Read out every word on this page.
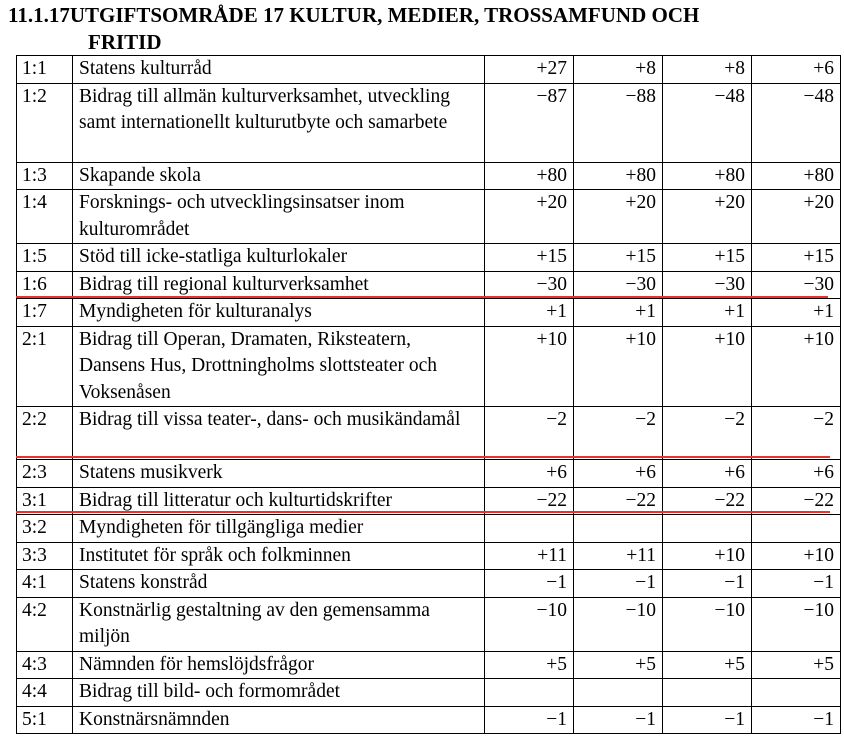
11.1.17UTGIFTSOMRÅDE 17 KULTUR, MEDIER, TROSSAMFUND OCH
FRITID
1:1	Statens kulturråd	+27	+8	+8	+6
1:2	Bidrag till allmän kulturverksamhet, utveckling samt internationellt kulturutbyte och samarbete	−87	−88	−48	−48
1:3	Skapande skola	+80	+80	+80	+80
1:4	Forsknings- och utvecklingsinsatser inom kulturområdet	+20	+20	+20	+20
1:5	Stöd till icke-statliga kulturlokaler	+15	+15	+15	+15
1:6	Bidrag till regional kulturverksamhet	−30	−30	−30	−30
1:7	Myndigheten för kulturanalys	+1	+1	+1	+1
2:1	Bidrag till Operan, Dramaten, Riksteatern, Dansens Hus, Drottningholms slottsteater och Voksenåsen	+10	+10	+10	+10
2:2	Bidrag till vissa teater-, dans- och musikändamål	−2	−2	−2	−2
2:3	Statens musikverk	+6	+6	+6	+6
3:1	Bidrag till litteratur och kulturtidskrifter	−22	−22	−22	−22
3:2	Myndigheten för tillgängliga medier				
3:3	Institutet för språk och folkminnen	+11	+11	+10	+10
4:1	Statens konstråd	−1	−1	−1	−1
4:2	Konstnärlig gestaltning av den gemensamma miljön	−10	−10	−10	−10
4:3	Nämnden för hemslöjdsfrågor	+5	+5	+5	+5
4:4	Bidrag till bild- och formområdet				
5:1	Konstnärsnämnden	−1	−1	−1	−1
